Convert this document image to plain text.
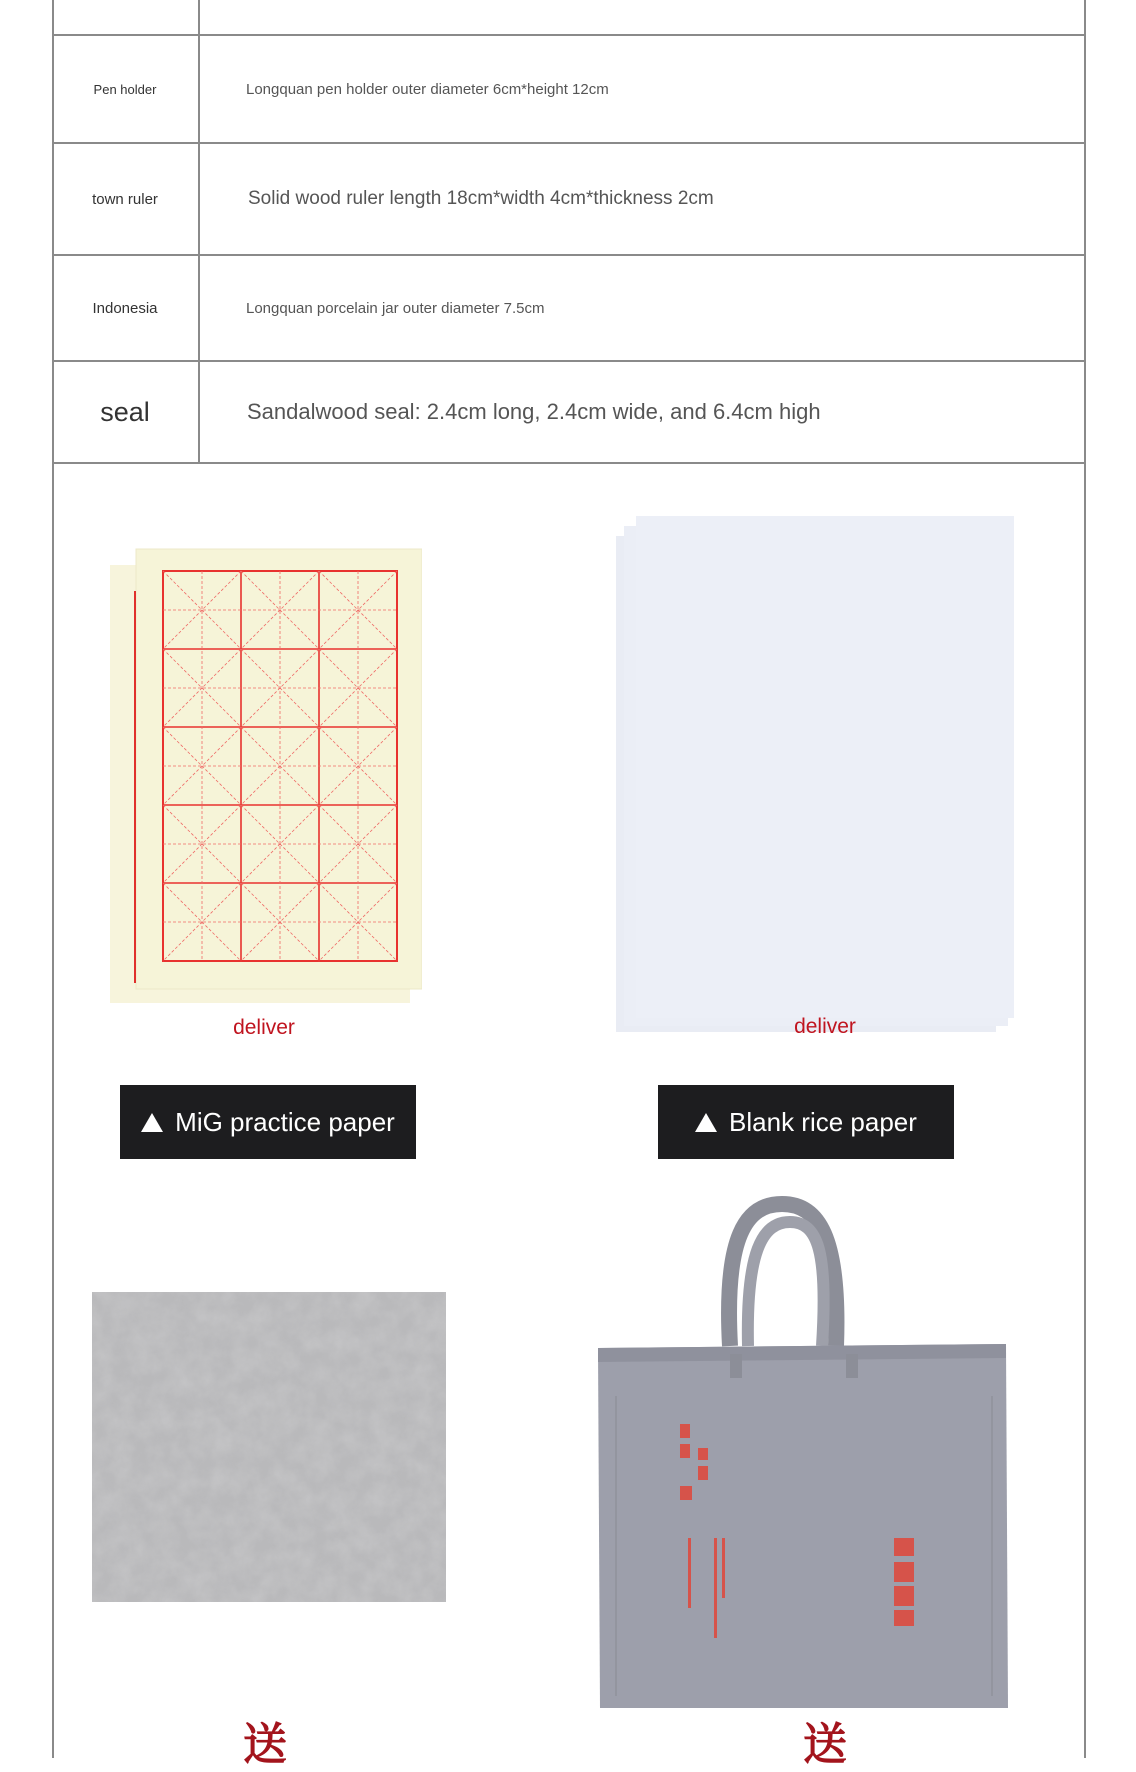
Pen holder	Longquan pen holder outer diameter 6cm*height 12cm
town ruler	Solid wood ruler length 18cm*width 4cm*thickness 2cm
Indonesia	Longquan porcelain jar outer diameter 7.5cm
seal	Sandalwood seal: 2.4cm long, 2.4cm wide, and 6.4cm high
deliver
MiG practice paper
deliver
Blank rice paper
送	送
